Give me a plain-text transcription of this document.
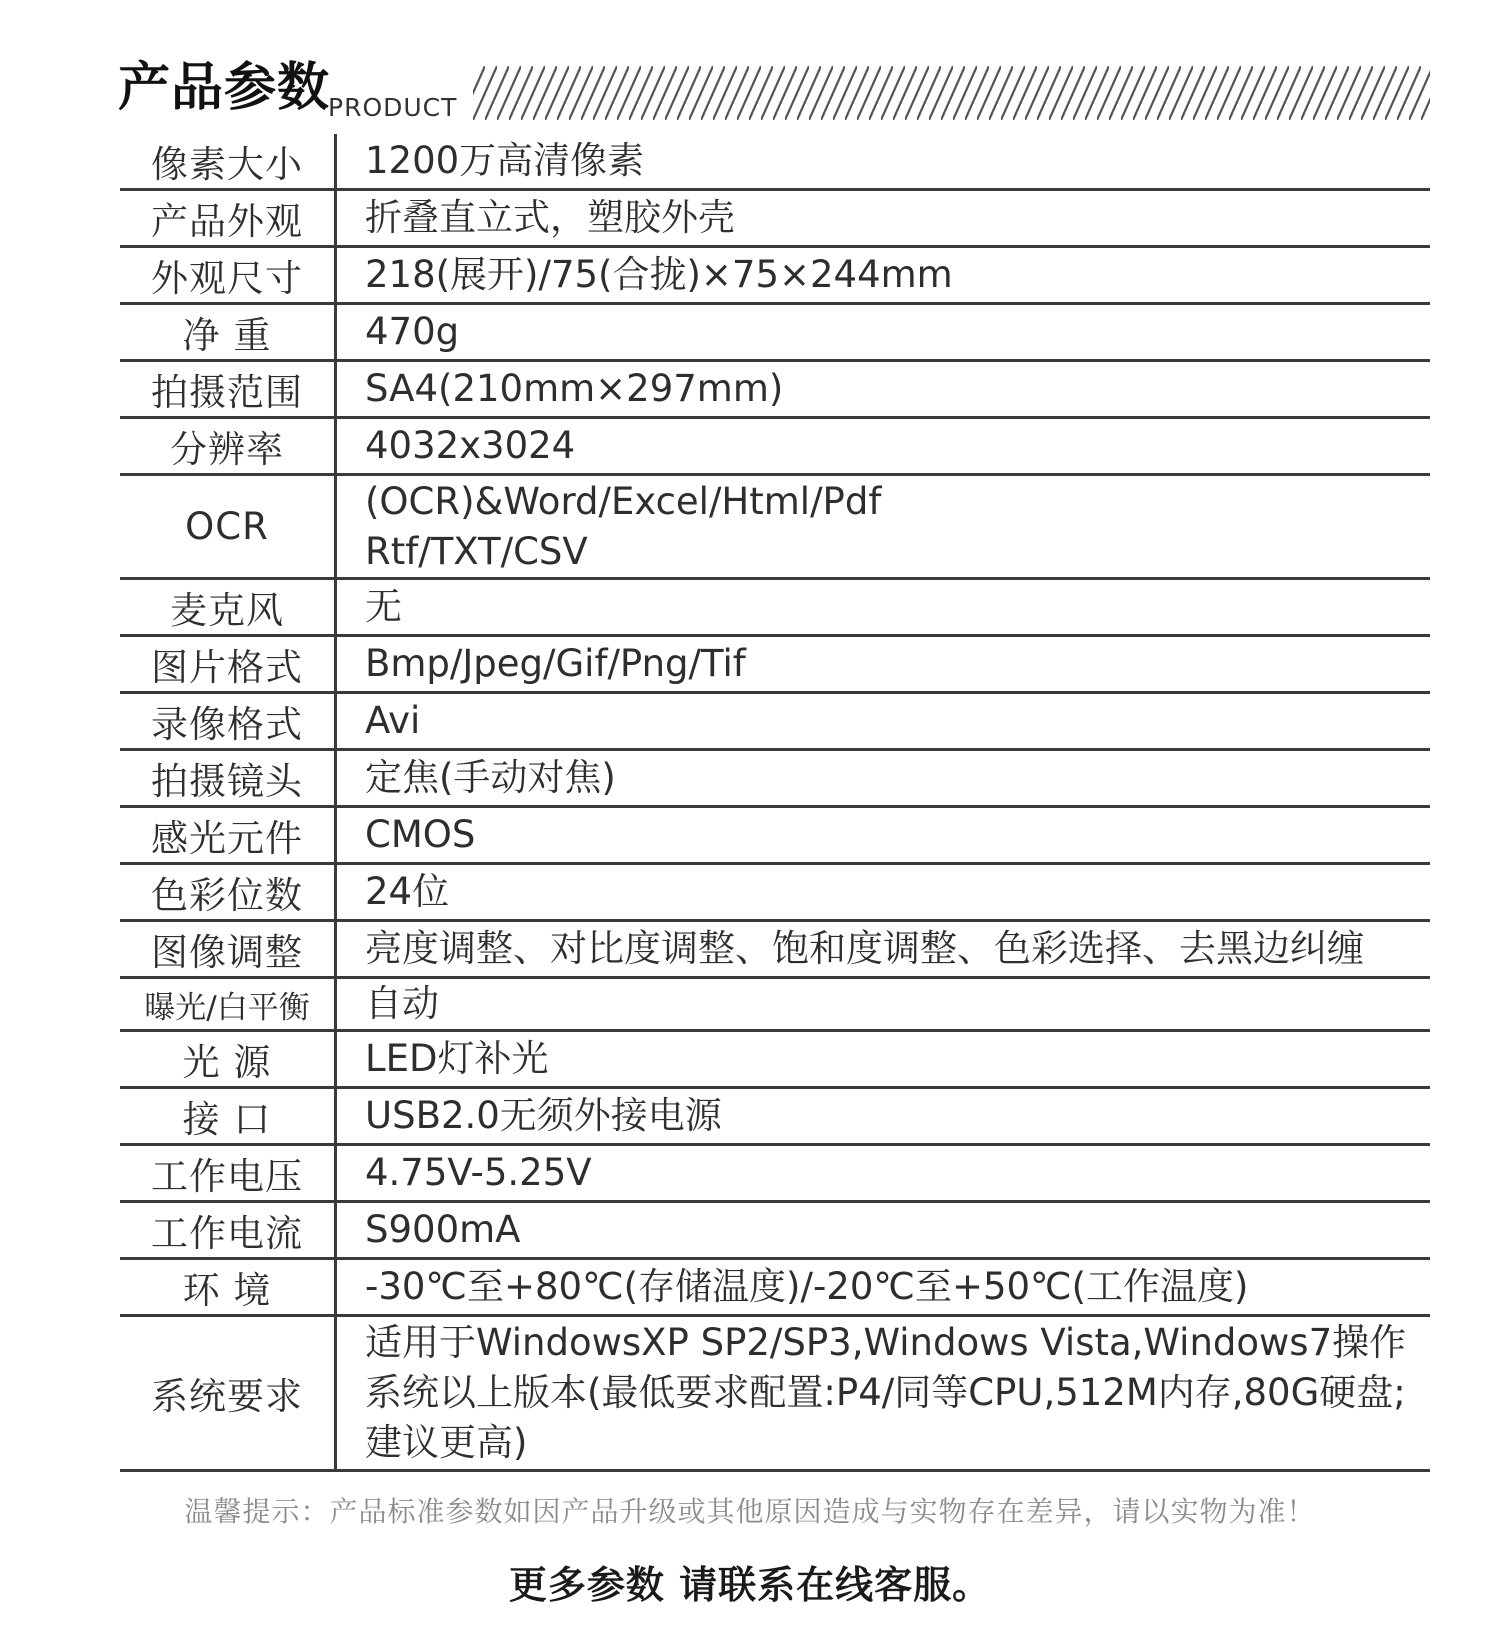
产品参数
PRODUCT
像素大小	1200万高清像素

产品外观	折叠直立式，塑胶外壳

外观尺寸	218(展开)/75(合拢)×75×244mm

净 重	470g

拍摄范围	SA4(210mm×297mm)

分辨率	4032x3024

OCR	(OCR)&Word/Excel/Html/Pdf
Rtf/TXT/CSV

麦克风	无

图片格式	Bmp/Jpeg/Gif/Png/Tif

录像格式	Avi

拍摄镜头	定焦(手动对焦)

感光元件	CMOS

色彩位数	24位

图像调整	亮度调整、对比度调整、饱和度调整、色彩选择、去黑边纠缠

曝光/白平衡	自动

光 源	LED灯补光

接 口	USB2.0无须外接电源

工作电压	4.75V-5.25V

工作电流	S900mA

环 境	-30℃至+80℃(存储温度)/-20℃至+50℃(工作温度)

系统要求	适用于WindowsXP SP2/SP3,Windows Vista,Windows7操作
系统以上版本(最低要求配置:P4/同等CPU,512M内存,80G硬盘;
建议更高)
温馨提示：产品标准参数如因产品升级或其他原因造成与实物存在差异，请以实物为准！
更多参数 请联系在线客服。
